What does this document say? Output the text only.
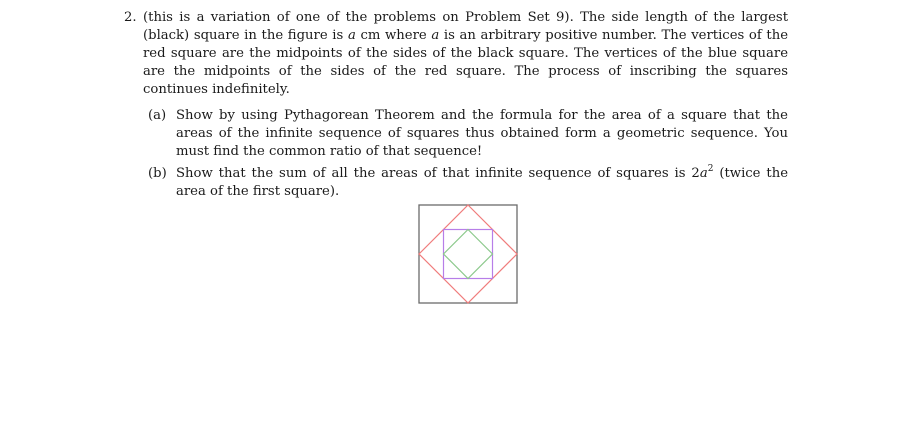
2. (this is a variation of one of the problems on Problem Set 9). The side length of the largest (black) square in the figure is a cm where a is an arbitrary positive number. The vertices of the red square are the midpoints of the sides of the black square. The vertices of the blue square are the midpoints of the sides of the red square. The process of inscribing the squares continues indefinitely.
(a) Show by using Pythagorean Theorem and the formula for the area of a square that the areas of the infinite sequence of squares thus obtained form a geometric sequence. You must find the common ratio of that sequence!
(b) Show that the sum of all the areas of that infinite sequence of squares is $2a^2$ (twice the area of the first square).
